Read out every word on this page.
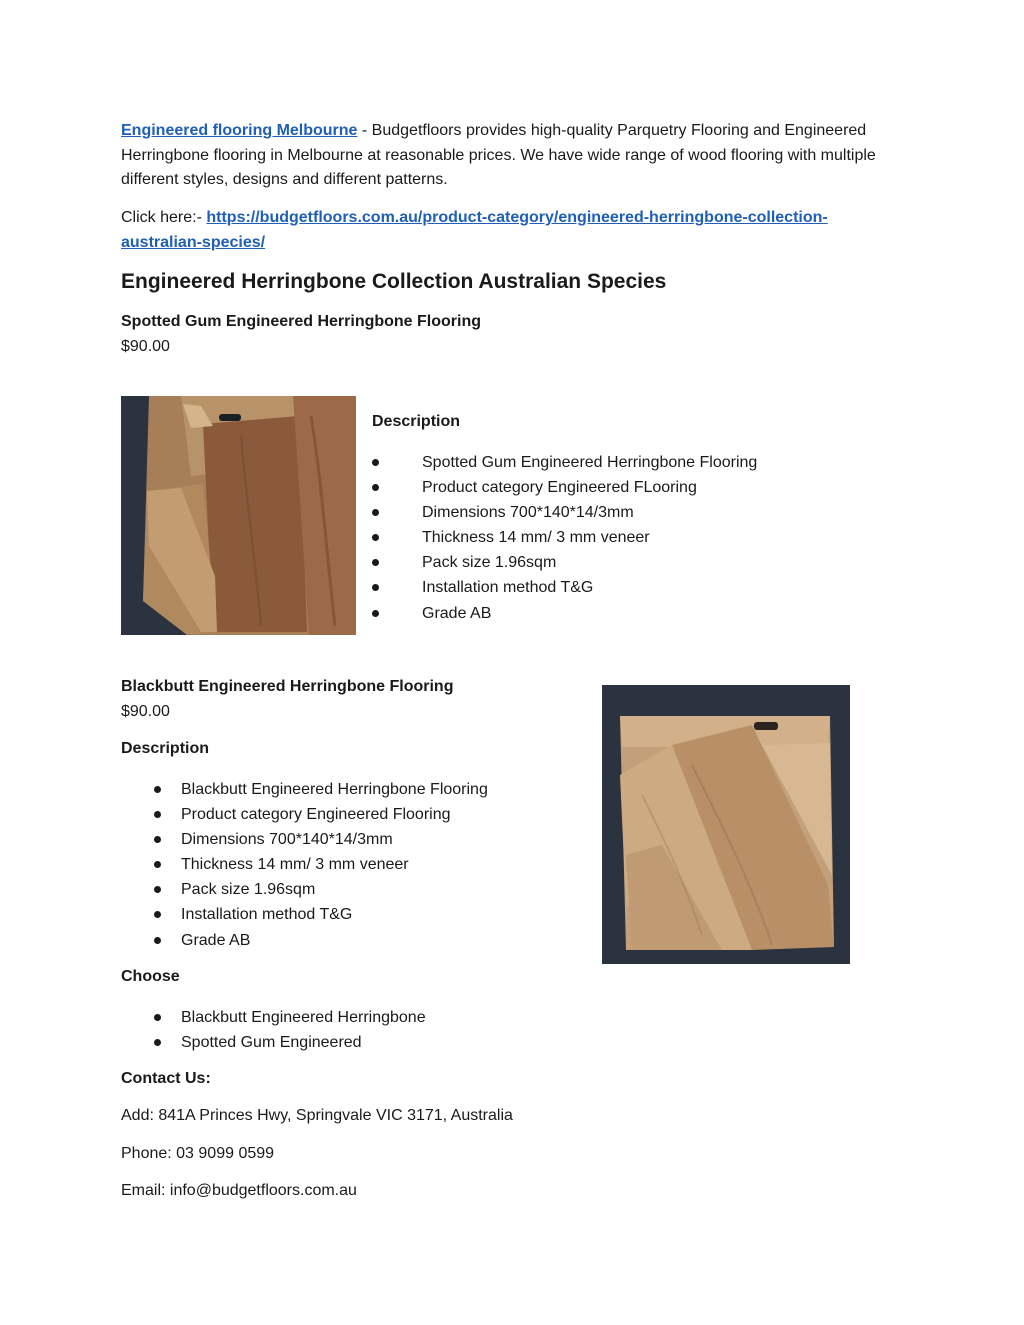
Engineered flooring Melbourne - Budgetfloors provides high-quality Parquetry Flooring and Engineered Herringbone flooring in Melbourne at reasonable prices. We have wide range of wood flooring with multiple different styles, designs and different patterns.
Click here:- https://budgetfloors.com.au/product-category/engineered-herringbone-collection-
australian-species/
Engineered Herringbone Collection Australian Species
Spotted Gum Engineered Herringbone Flooring
$90.00
Description
Spotted Gum Engineered Herringbone Flooring
Product category Engineered FLooring
Dimensions 700*140*14/3mm
Thickness 14 mm/ 3 mm veneer
Pack size 1.96sqm
Installation method T&G
Grade AB
Blackbutt Engineered Herringbone Flooring
$90.00
Description
Blackbutt Engineered Herringbone Flooring
Product category Engineered Flooring
Dimensions 700*140*14/3mm
Thickness 14 mm/ 3 mm veneer
Pack size 1.96sqm
Installation method T&G
Grade AB
Choose
Blackbutt Engineered Herringbone
Spotted Gum Engineered
Contact Us:
Add: 841A Princes Hwy, Springvale VIC 3171, Australia
Phone: 03 9099 0599
Email: info@budgetfloors.com.au
